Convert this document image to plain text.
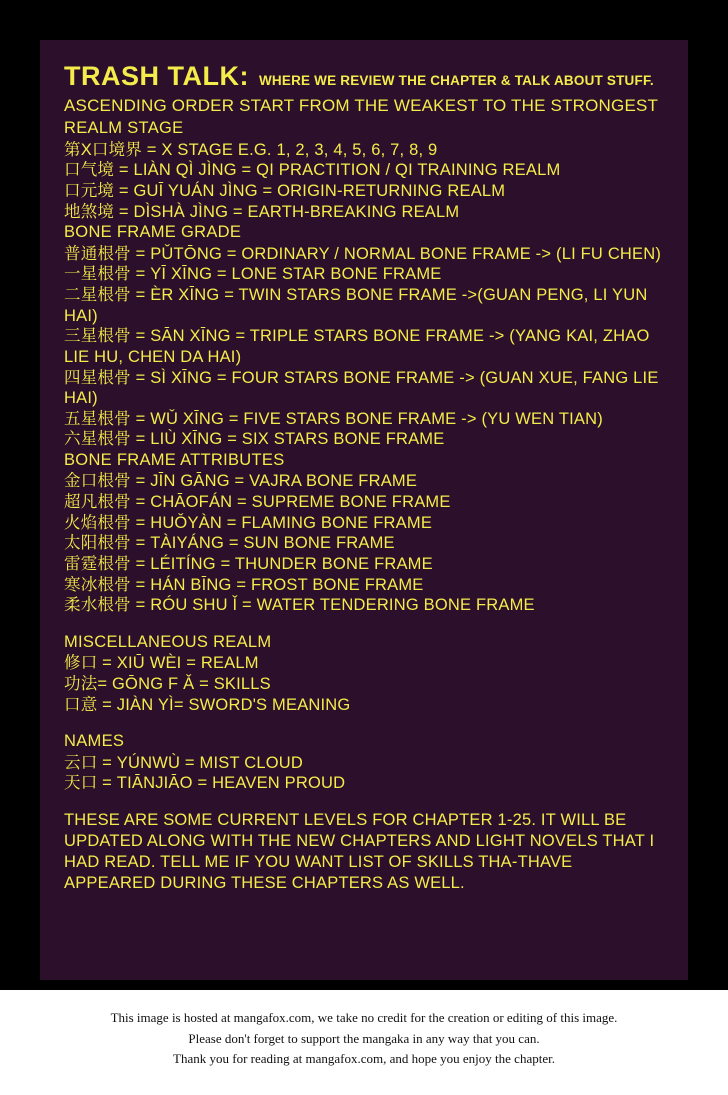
TRASH TALK: WHERE WE REVIEW THE CHAPTER & TALK ABOUT STUFF.
ASCENDING ORDER START FROM THE WEAKEST TO THE STRONGEST
REALM STAGE
第X口境界 = X STAGE E.G. 1, 2, 3, 4, 5, 6, 7, 8, 9
口气境 = LIÀN QÌ JÌNG = QI PRACTITION / QI TRAINING REALM
口元境 = GUĪ YUÁN JÌNG = ORIGIN-RETURNING REALM
地煞境 = DÌSHÀ JÌNG = EARTH-BREAKING REALM
BONE FRAME GRADE
普通根骨 = PǓTŌNG = ORDINARY / NORMAL BONE FRAME -> (LI FU CHEN)
一星根骨 = YĪ XĪNG = LONE STAR BONE FRAME
二星根骨 = ÈR XĪNG = TWIN STARS BONE FRAME ->(GUAN PENG, LI YUN HAI)
三星根骨 = SĀN XĪNG = TRIPLE STARS BONE FRAME -> (YANG KAI, ZHAO LIE HU, CHEN DA HAI)
四星根骨 = SÌ XĪNG = FOUR STARS BONE FRAME -> (GUAN XUE, FANG LIE HAI)
五星根骨 = WǓ XĪNG = FIVE STARS BONE FRAME -> (YU WEN TIAN)
六星根骨 = LIÙ XĪNG = SIX STARS BONE FRAME
BONE FRAME ATTRIBUTES
金口根骨 = JĪN GĀNG = VAJRA BONE FRAME
超凡根骨 = CHĀOFÁN = SUPREME BONE FRAME
火焰根骨 = HUǑYÀN = FLAMING BONE FRAME
太阳根骨 = TÀIYÁNG = SUN BONE FRAME
雷霆根骨 = LÉITÍNG = THUNDER BONE FRAME
寒冰根骨 = HÁN BĪNG = FROST BONE FRAME
柔水根骨 = RÓU SHU Ǐ = WATER TENDERING BONE FRAME
MISCELLANEOUS REALM
修口 = XIŪ WÈI = REALM
功法= GŌNG F Ǎ = SKILLS
口意 = JIÀN YÌ= SWORD'S MEANING
NAMES
云口 = YÚNWÙ = MIST CLOUD
天口 = TIĀNJIĀO = HEAVEN PROUD
THESE ARE SOME CURRENT LEVELS FOR CHAPTER 1-25. IT WILL BE UPDATED ALONG WITH THE NEW CHAPTERS AND LIGHT NOVELS THAT I HAD READ. TELL ME IF YOU WANT LIST OF SKILLS THA-THAVE APPEARED DURING THESE CHAPTERS AS WELL.
This image is hosted at mangafox.com, we take no credit for the creation or editing of this image.
Please don't forget to support the mangaka in any way that you can.
Thank you for reading at mangafox.com, and hope you enjoy the chapter.
